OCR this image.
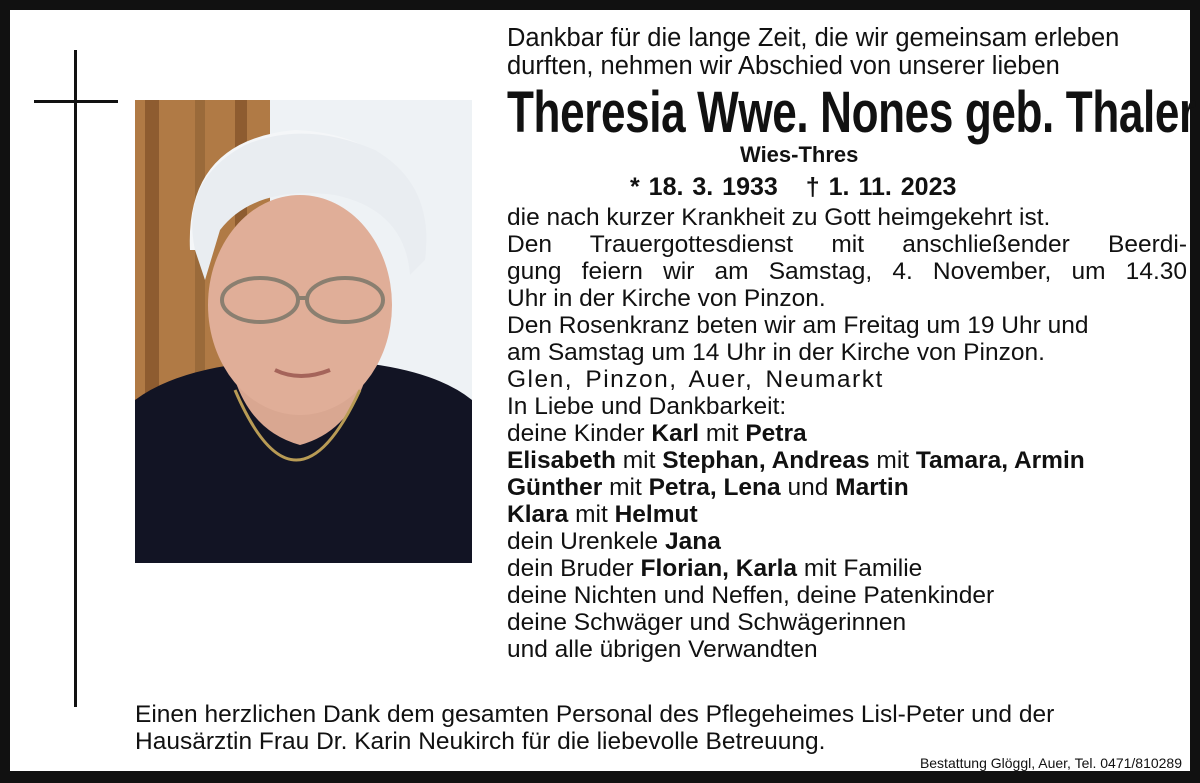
Dankbar für die lange Zeit, die wir gemeinsam erleben
durften, nehmen wir Abschied von unserer lieben
Theresia Wwe. Nones geb. Thaler
Wies-Thres
* 18. 3. 1933 † 1. 11. 2023
die nach kurzer Krankheit zu Gott heimgekehrt ist.
Den Trauergottesdienst mit anschließender Beerdi-
gung feiern wir am Samstag, 4. November, um 14.30
Uhr in der Kirche von Pinzon.
Den Rosenkranz beten wir am Freitag um 19 Uhr und
am Samstag um 14 Uhr in der Kirche von Pinzon.
Glen, Pinzon, Auer, Neumarkt
In Liebe und Dankbarkeit:
deine Kinder Karl mit Petra
Elisabeth mit Stephan, Andreas mit Tamara, Armin
Günther mit Petra, Lena und Martin
Klara mit Helmut
dein Urenkele Jana
dein Bruder Florian, Karla mit Familie
deine Nichten und Neffen, deine Patenkinder
deine Schwäger und Schwägerinnen
und alle übrigen Verwandten
Einen herzlichen Dank dem gesamten Personal des Pflegeheimes Lisl-Peter und der
Hausärztin Frau Dr. Karin Neukirch für die liebevolle Betreuung.
Bestattung Glöggl, Auer, Tel. 0471/810289
